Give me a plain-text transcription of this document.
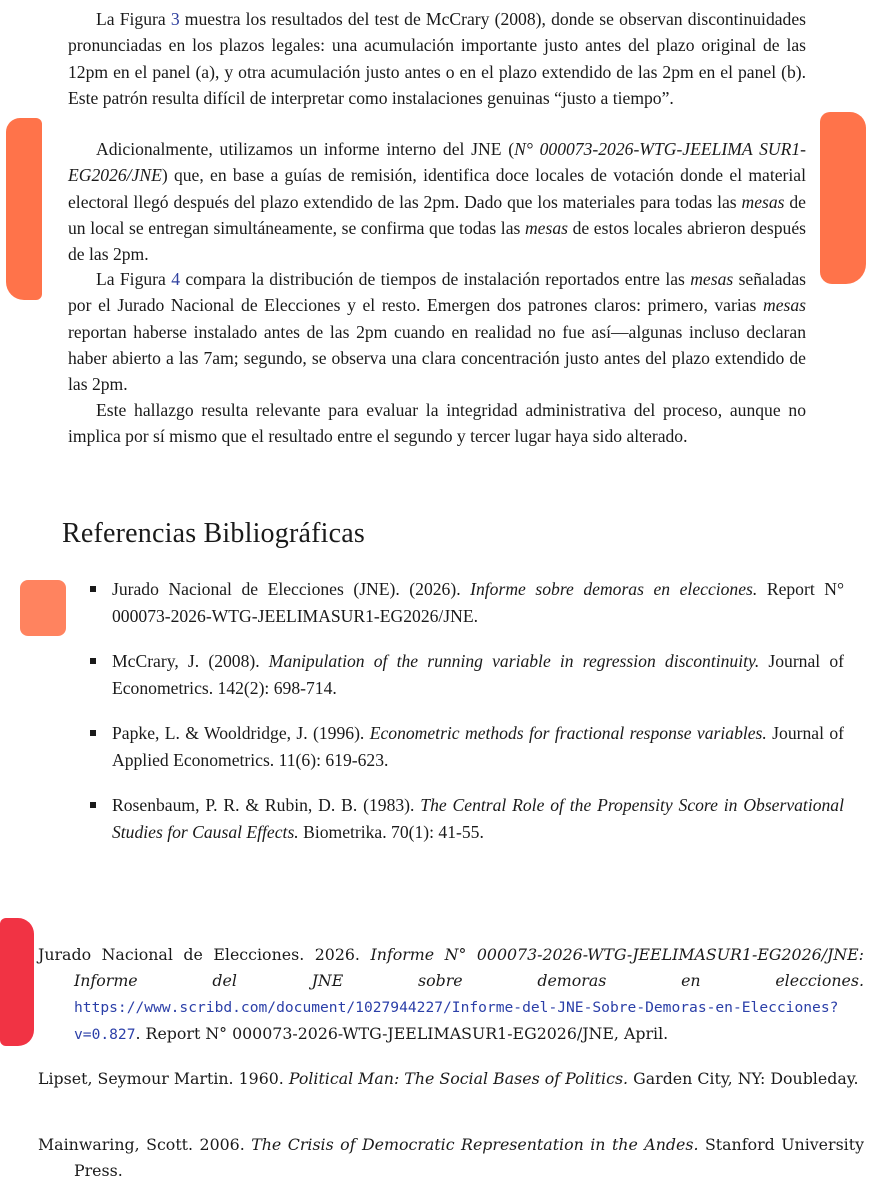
La Figura 3 muestra los resultados del test de McCrary (2008), donde se observan discontinuidades pronunciadas en los plazos legales: una acumulación importante justo antes del plazo original de las 12pm en el panel (a), y otra acumulación justo antes o en el plazo extendido de las 2pm en el panel (b). Este patrón resulta difícil de interpretar como instalaciones genuinas “justo a tiempo”.

Adicionalmente, utilizamos un informe interno del JNE (N° 000073-2026-WTG-JEELIMA SUR1-EG2026/JNE) que, en base a guías de remisión, identifica doce locales de votación donde el material electoral llegó después del plazo extendido de las 2pm. Dado que los materiales para todas las mesas de un local se entregan simultáneamente, se confirma que todas las mesas de estos locales abrieron después de las 2pm.

La Figura 4 compara la distribución de tiempos de instalación reportados entre las mesas señaladas por el Jurado Nacional de Elecciones y el resto. Emergen dos patrones claros: primero, varias mesas reportan haberse instalado antes de las 2pm cuando en realidad no fue así—algunas incluso declaran haber abierto a las 7am; segundo, se observa una clara concentración justo antes del plazo extendido de las 2pm.

Este hallazgo resulta relevante para evaluar la integridad administrativa del proceso, aunque no implica por sí mismo que el resultado entre el segundo y tercer lugar haya sido alterado.

Referencias Bibliográficas
Jurado Nacional de Elecciones (JNE). (2026). Informe sobre demoras en elecciones. Report N° 000073-2026-WTG-JEELIMASUR1-EG2026/JNE.
McCrary, J. (2008). Manipulation of the running variable in regression discontinuity. Journal of Econometrics. 142(2): 698-714.
Papke, L. & Wooldridge, J. (1996). Econometric methods for fractional response variables. Journal of Applied Econometrics. 11(6): 619-623.
Rosenbaum, P. R. & Rubin, D. B. (1983). The Central Role of the Propensity Score in Observational Studies for Causal Effects. Biometrika. 70(1): 41-55.

Jurado Nacional de Elecciones. 2026. Informe N° 000073-2026-WTG-JEELIMASUR1-EG2026/JNE: Informe del JNE sobre demoras en elecciones. https://www.scribd.com/document/1027944227/Informe-del-JNE-Sobre-Demoras-en-Elecciones?v=0.827. Report N° 000073-2026-WTG-JEELIMASUR1-EG2026/JNE, April.

Lipset, Seymour Martin. 1960. Political Man: The Social Bases of Politics. Garden City, NY: Doubleday.

Mainwaring, Scott. 2006. The Crisis of Democratic Representation in the Andes. Stanford University Press.
